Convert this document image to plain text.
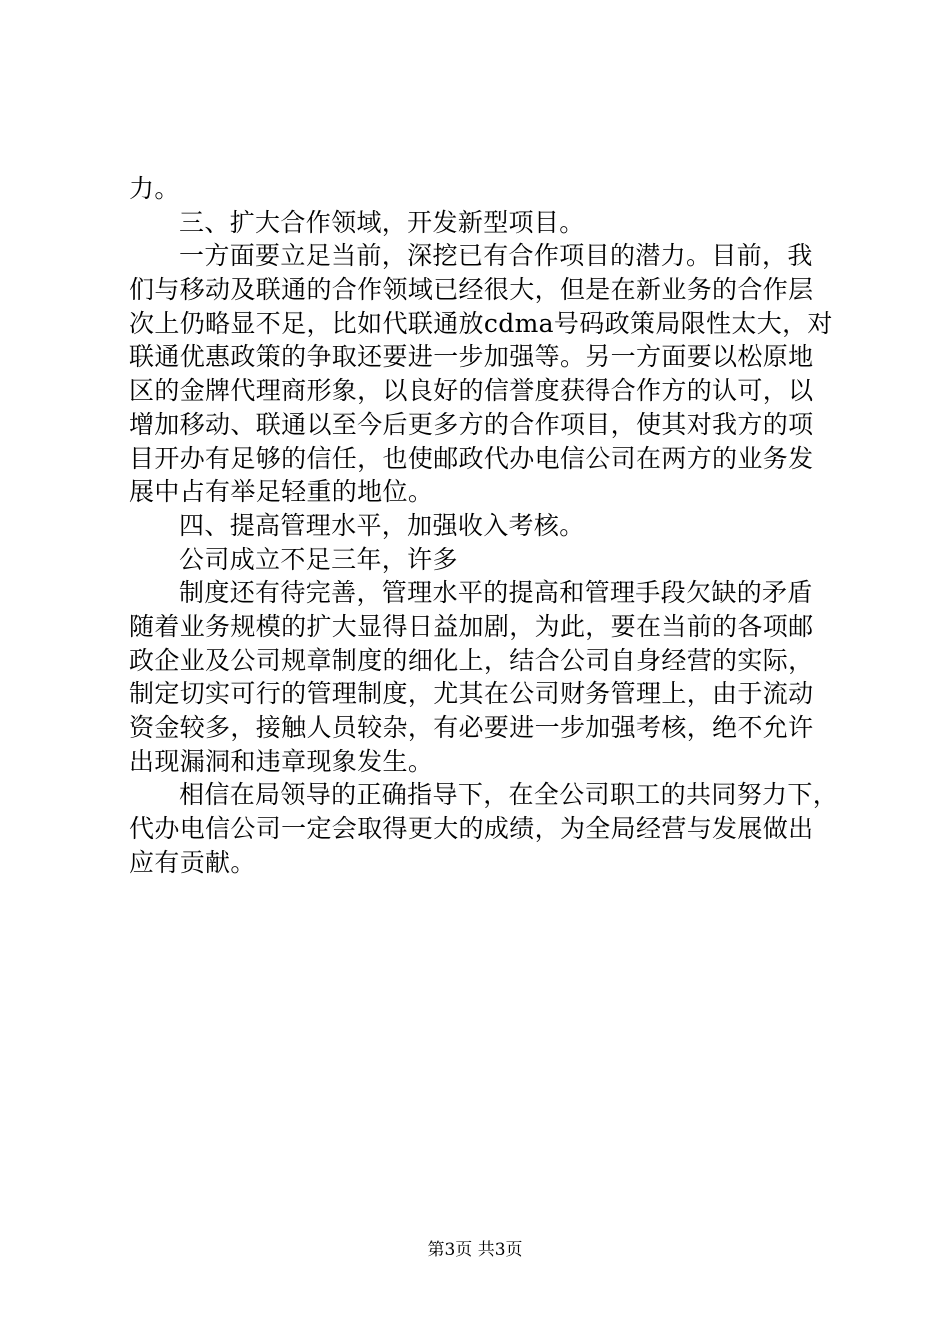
力。
三、扩大合作领域，开发新型项目。
一方面要立足当前，深挖已有合作项目的潜力。目前，我
们与移动及联通的合作领域已经很大，但是在新业务的合作层
次上仍略显不足，比如代联通放cdma号码政策局限性太大，对
联通优惠政策的争取还要进一步加强等。另一方面要以松原地
区的金牌代理商形象，以良好的信誉度获得合作方的认可，以
增加移动、联通以至今后更多方的合作项目，使其对我方的项
目开办有足够的信任，也使邮政代办电信公司在两方的业务发
展中占有举足轻重的地位。
四、提高管理水平，加强收入考核。
公司成立不足三年，许多
制度还有待完善，管理水平的提高和管理手段欠缺的矛盾
随着业务规模的扩大显得日益加剧，为此，要在当前的各项邮
政企业及公司规章制度的细化上，结合公司自身经营的实际，
制定切实可行的管理制度，尤其在公司财务管理上，由于流动
资金较多，接触人员较杂，有必要进一步加强考核，绝不允许
出现漏洞和违章现象发生。
相信在局领导的正确指导下，在全公司职工的共同努力下，
代办电信公司一定会取得更大的成绩，为全局经营与发展做出
应有贡献。
第3页 共3页
